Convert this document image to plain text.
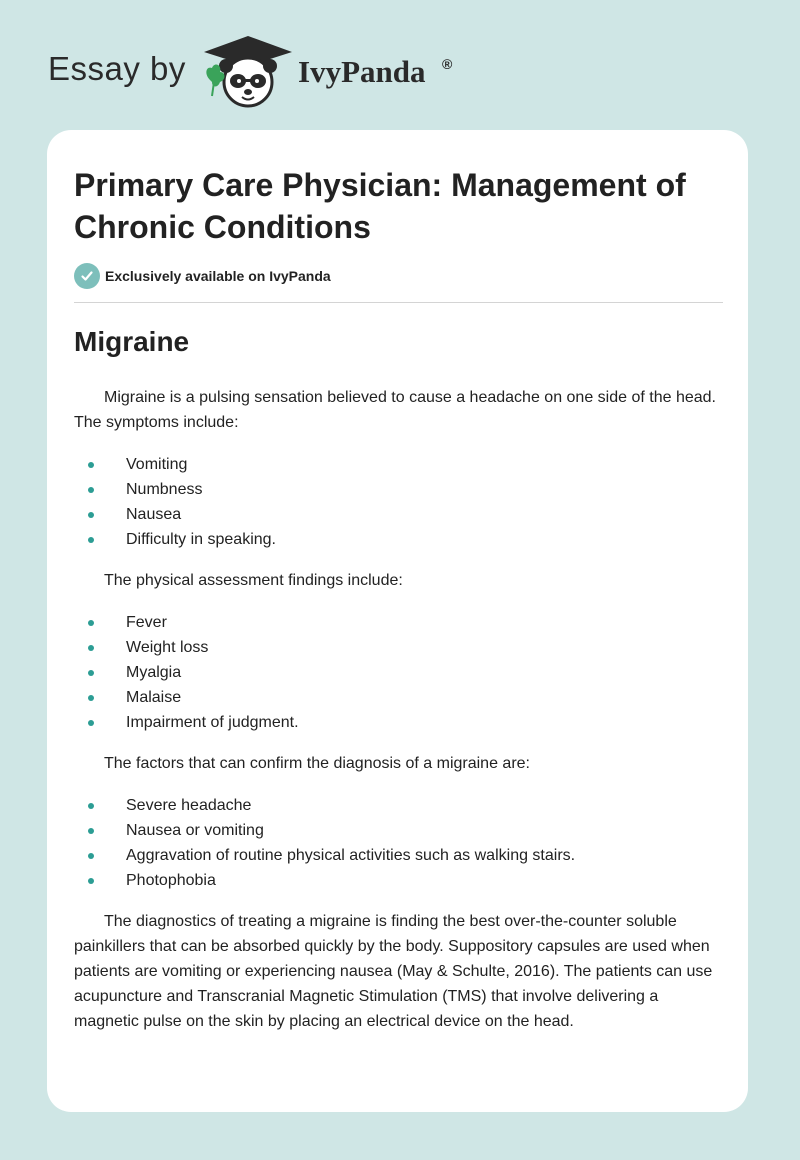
Essay by	IvyPanda ®
Primary Care Physician: Management of Chronic Conditions
Exclusively available on IvyPanda
Migraine

Migraine is a pulsing sensation believed to cause a headache on one side of the head. The symptoms include:

Vomiting
Numbness
Nausea
Difficulty in speaking.

The physical assessment findings include:

Fever
Weight loss
Myalgia
Malaise
Impairment of judgment.

The factors that can confirm the diagnosis of a migraine are:

Severe headache
Nausea or vomiting
Aggravation of routine physical activities such as walking stairs.
Photophobia

The diagnostics of treating a migraine is finding the best over-the-counter soluble painkillers that can be absorbed quickly by the body. Suppository capsules are used when patients are vomiting or experiencing nausea (May & Schulte, 2016). The patients can use acupuncture and Transcranial Magnetic Stimulation (TMS) that involve delivering a magnetic pulse on the skin by placing an electrical device on the head.
